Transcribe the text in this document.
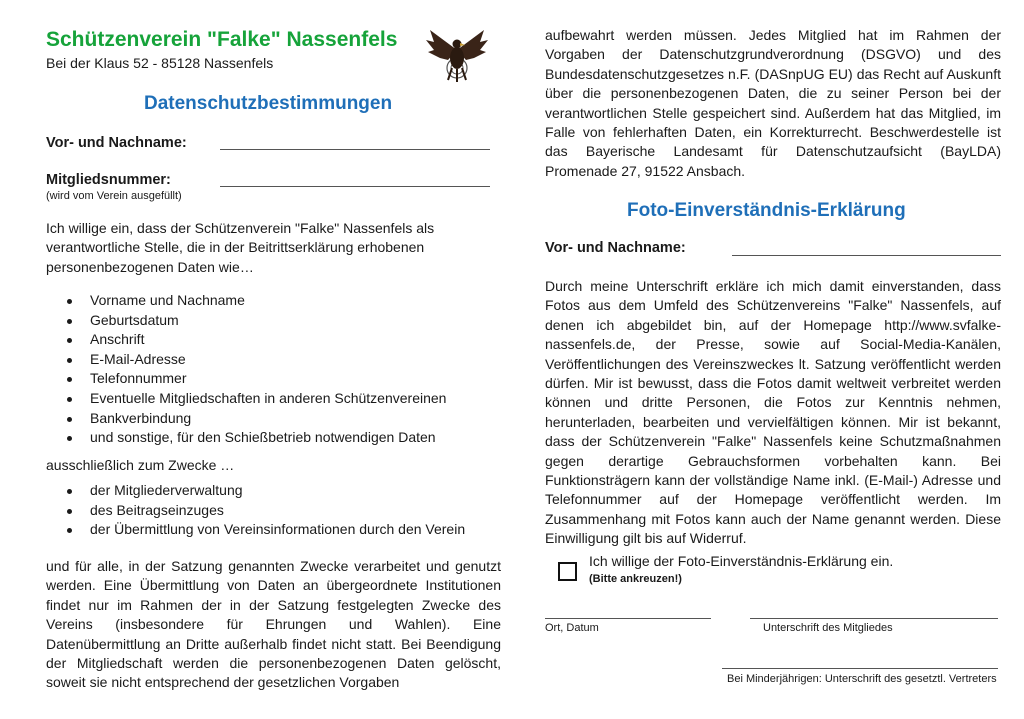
Schützenverein "Falke" Nassenfels
Bei der Klaus 52 - 85128 Nassenfels
Datenschutzbestimmungen
Vor- und Nachname:
Mitgliedsnummer:
(wird vom Verein ausgefüllt)
Ich willige ein, dass der Schützenverein "Falke" Nassenfels als verantwortliche Stelle, die in der Beitrittserklärung erhobenen personenbezogenen Daten wie…
Vorname und Nachname
Geburtsdatum
Anschrift
E-Mail-Adresse
Telefonnummer
Eventuelle Mitgliedschaften in anderen Schützenvereinen
Bankverbindung
und sonstige, für den Schießbetrieb notwendigen Daten
ausschließlich zum Zwecke …
der Mitgliederverwaltung
des Beitragseinzuges
der Übermittlung von Vereinsinformationen durch den Verein
und für alle, in der Satzung genannten Zwecke verarbeitet und genutzt werden. Eine Übermittlung von Daten an übergeordnete Institutionen findet nur im Rahmen der in der Satzung festgelegten Zwecke des Vereins (insbesondere für Ehrungen und Wahlen). Eine Datenübermittlung an Dritte außerhalb findet nicht statt. Bei Beendigung der Mitgliedschaft werden die personenbezogenen Daten gelöscht, soweit sie nicht entsprechend der gesetzlichen Vorgaben
aufbewahrt werden müssen. Jedes Mitglied hat im Rahmen der Vorgaben der Datenschutzgrundverordnung (DSGVO) und des Bundesdatenschutzgesetzes n.F. (DASnpUG EU) das Recht auf Auskunft über die personenbezogenen Daten, die zu seiner Person bei der verantwortlichen Stelle gespeichert sind. Außerdem hat das Mitglied, im Falle von fehlerhaften Daten, ein Korrekturrecht. Beschwerdestelle ist das Bayerische Landesamt für Datenschutzaufsicht (BayLDA) Promenade 27, 91522 Ansbach.
Foto-Einverständnis-Erklärung
Vor- und Nachname:
Durch meine Unterschrift erkläre ich mich damit einverstanden, dass Fotos aus dem Umfeld des Schützenvereins "Falke" Nassenfels, auf denen ich abgebildet bin, auf der Homepage http://www.svfalke-nassenfels.de, der Presse, sowie auf Social-Media-Kanälen, Veröffentlichungen des Vereinszweckes lt. Satzung veröffentlicht werden dürfen. Mir ist bewusst, dass die Fotos damit weltweit verbreitet werden können und dritte Personen, die Fotos zur Kenntnis nehmen, herunterladen, bearbeiten und vervielfältigen können. Mir ist bekannt, dass der Schützenverein "Falke" Nassenfels keine Schutzmaßnahmen gegen derartige Gebrauchsformen vorbehalten kann. Bei Funktionsträgern kann der vollständige Name inkl. (E-Mail-) Adresse und Telefonnummer auf der Homepage veröffentlicht werden. Im Zusammenhang mit Fotos kann auch der Name genannt werden. Diese Einwilligung gilt bis auf Widerruf.
Ich willige der Foto-Einverständnis-Erklärung ein.
(Bitte ankreuzen!)
Ort, Datum	Unterschrift des Mitgliedes
Bei Minderjährigen: Unterschrift des gesetztl. Vertreters
